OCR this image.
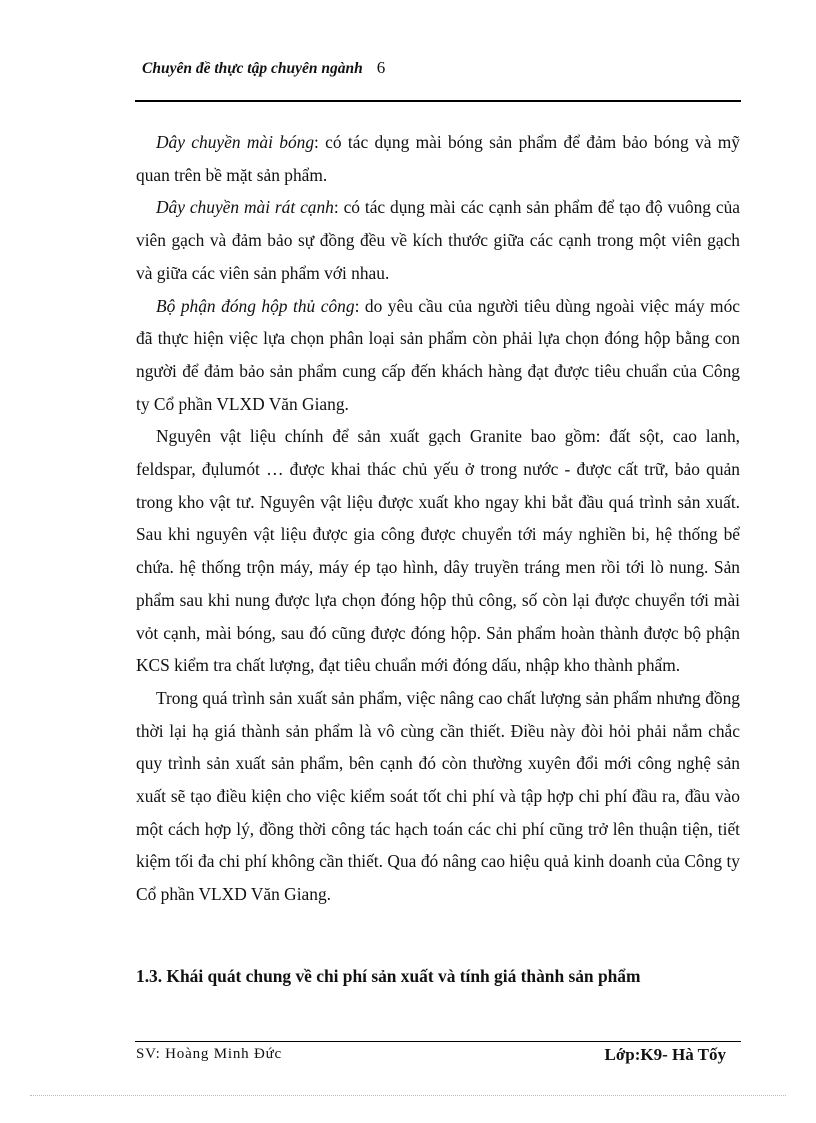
Chuyên đề thực tập chuyên ngành 6

Dây chuyền mài bóng: có tác dụng mài bóng sản phẩm để đảm bảo bóng và mỹ quan trên bề mặt sản phẩm.

Dây chuyền mài rát cạnh: có tác dụng mài các cạnh sản phẩm để tạo độ vuông của viên gạch và đảm bảo sự đồng đều về kích thước giữa các cạnh trong một viên gạch và giữa các viên sản phẩm với nhau.

Bộ phận đóng hộp thủ công: do yêu cầu của người tiêu dùng ngoài việc máy móc đã thực hiện việc lựa chọn phân loại sản phẩm còn phải lựa chọn đóng hộp bằng con người để đảm bảo sản phẩm cung cấp đến khách hàng đạt được tiêu chuẩn của Công ty Cổ phần VLXD Văn Giang.

Nguyên vật liệu chính để sản xuất gạch Granite bao gồm: đất sột, cao lanh, feldspar, đụlumót … được khai thác chủ yếu ở trong nước - được cất trữ, bảo quản trong kho vật tư. Nguyên vật liệu được xuất kho ngay khi bắt đầu quá trình sản xuất. Sau khi nguyên vật liệu được gia công được chuyển tới máy nghiền bi, hệ thống bể chứa. hệ thống trộn máy, máy ép tạo hình, dây truyền tráng men rồi tới lò nung. Sản phẩm sau khi nung được lựa chọn đóng hộp thủ công, số còn lại được chuyển tới mài vỏt cạnh, mài bóng, sau đó cũng được đóng hộp. Sản phẩm hoàn thành được bộ phận KCS kiểm tra chất lượng, đạt tiêu chuẩn mới đóng dấu, nhập kho thành phẩm.

Trong quá trình sản xuất sản phẩm, việc nâng cao chất lượng sản phẩm nhưng đồng thời lại hạ giá thành sản phẩm là vô cùng cần thiết. Điều này đòi hỏi phải nắm chắc quy trình sản xuất sản phẩm, bên cạnh đó còn thường xuyên đổi mới công nghệ sản xuất sẽ tạo điều kiện cho việc kiểm soát tốt chi phí và tập hợp chi phí đầu ra, đầu vào một cách hợp lý, đồng thời công tác hạch toán các chi phí cũng trở lên thuận tiện, tiết kiệm tối đa chi phí không cần thiết. Qua đó nâng cao hiệu quả kinh doanh của Công ty Cổ phần VLXD Văn Giang.

1.3. Khái quát chung về chi phí sản xuất và tính giá thành sản phẩm
SV: Hoàng Minh Đức	Lớp:K9- Hà Tốy
